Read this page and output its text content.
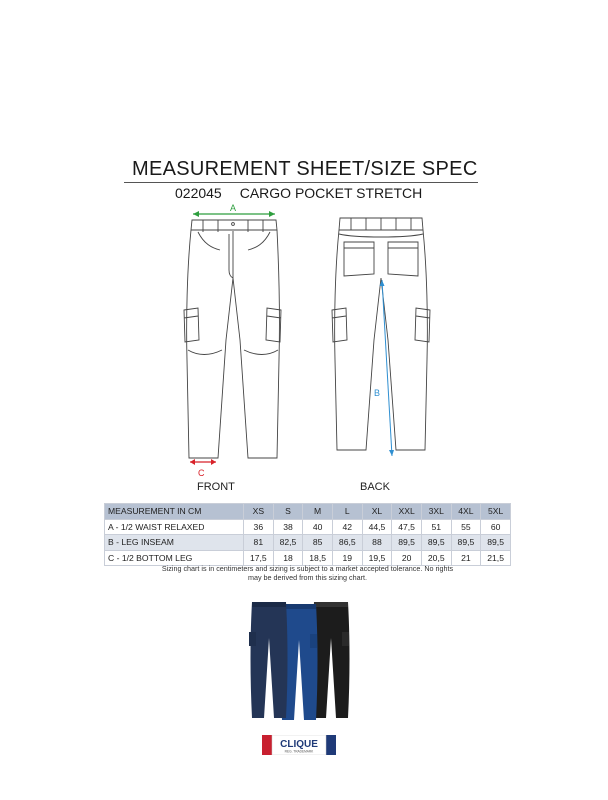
MEASUREMENT SHEET/SIZE SPEC
022045 CARGO POCKET STRETCH
A
C
B
FRONT	BACK
MEASUREMENT IN CM	XS	S	M	L	XL	XXL	3XL	4XL	5XL
A - 1/2 WAIST RELAXED	36	38	40	42	44,5	47,5	51	55	60
B - LEG INSEAM	81	82,5	85	86,5	88	89,5	89,5	89,5	89,5
C - 1/2 BOTTOM LEG	17,5	18	18,5	19	19,5	20	20,5	21	21,5
Sizing chart is in centimeters and sizing is subject to a market accepted tolerance. No rights
may be derived from this sizing chart.
CLIQUE
REG. TRADEMARK
